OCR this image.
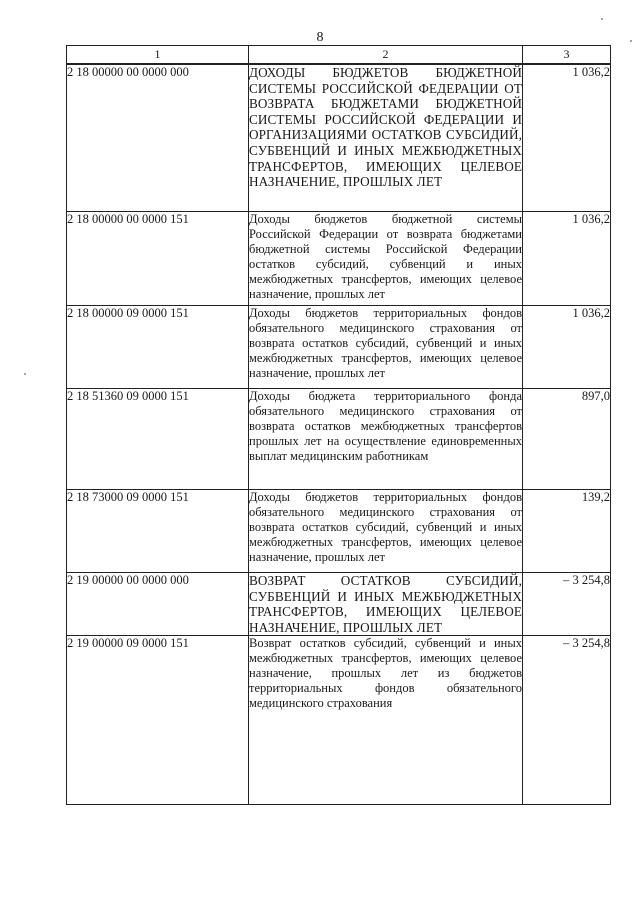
8
1	2	3
2 18 00000 00 0000 000	ДОХОДЫ БЮДЖЕТОВ БЮДЖЕТНОЙ СИСТЕМЫ РОССИЙСКОЙ ФЕДЕРАЦИИ ОТ ВОЗВРАТА БЮДЖЕТАМИ БЮДЖЕТНОЙ СИСТЕМЫ РОССИЙСКОЙ ФЕДЕРАЦИИ И ОРГАНИЗАЦИЯМИ ОСТАТКОВ СУБСИДИЙ, СУБВЕНЦИЙ И ИНЫХ МЕЖБЮДЖЕТНЫХ ТРАНСФЕРТОВ, ИМЕЮЩИХ ЦЕЛЕВОЕ НАЗНАЧЕНИЕ, ПРОШЛЫХ ЛЕТ	1 036,2
2 18 00000 00 0000 151	Доходы бюджетов бюджетной системы Российской Федерации от возврата бюджетами бюджетной системы Российской Федерации остатков субсидий, субвенций и иных межбюджетных трансфертов, имеющих целевое назначение, прошлых лет	1 036,2
2 18 00000 09 0000 151	Доходы бюджетов территориальных фондов обязательного медицинского страхования от возврата остатков субсидий, субвенций и иных межбюджетных трансфертов, имеющих целевое назначение, прошлых лет	1 036,2
2 18 51360 09 0000 151	Доходы бюджета территориального фонда обязательного медицинского страхования от возврата остатков межбюджетных трансфертов прошлых лет на осуществление единовременных выплат медицинским работникам	897,0
2 18 73000 09 0000 151	Доходы бюджетов территориальных фондов обязательного медицинского страхования от возврата остатков субсидий, субвенций и иных межбюджетных трансфертов, имеющих целевое назначение, прошлых лет	139,2
2 19 00000 00 0000 000	ВОЗВРАТ ОСТАТКОВ СУБСИДИЙ, СУБВЕНЦИЙ И ИНЫХ МЕЖБЮДЖЕТНЫХ ТРАНСФЕРТОВ, ИМЕЮЩИХ ЦЕЛЕВОЕ НАЗНАЧЕНИЕ, ПРОШЛЫХ ЛЕТ	– 3 254,8
2 19 00000 09 0000 151	Возврат остатков субсидий, субвенций и иных межбюджетных трансфертов, имеющих целевое назначение, прошлых лет из бюджетов территориальных фондов обязательного медицинского страхования	– 3 254,8
